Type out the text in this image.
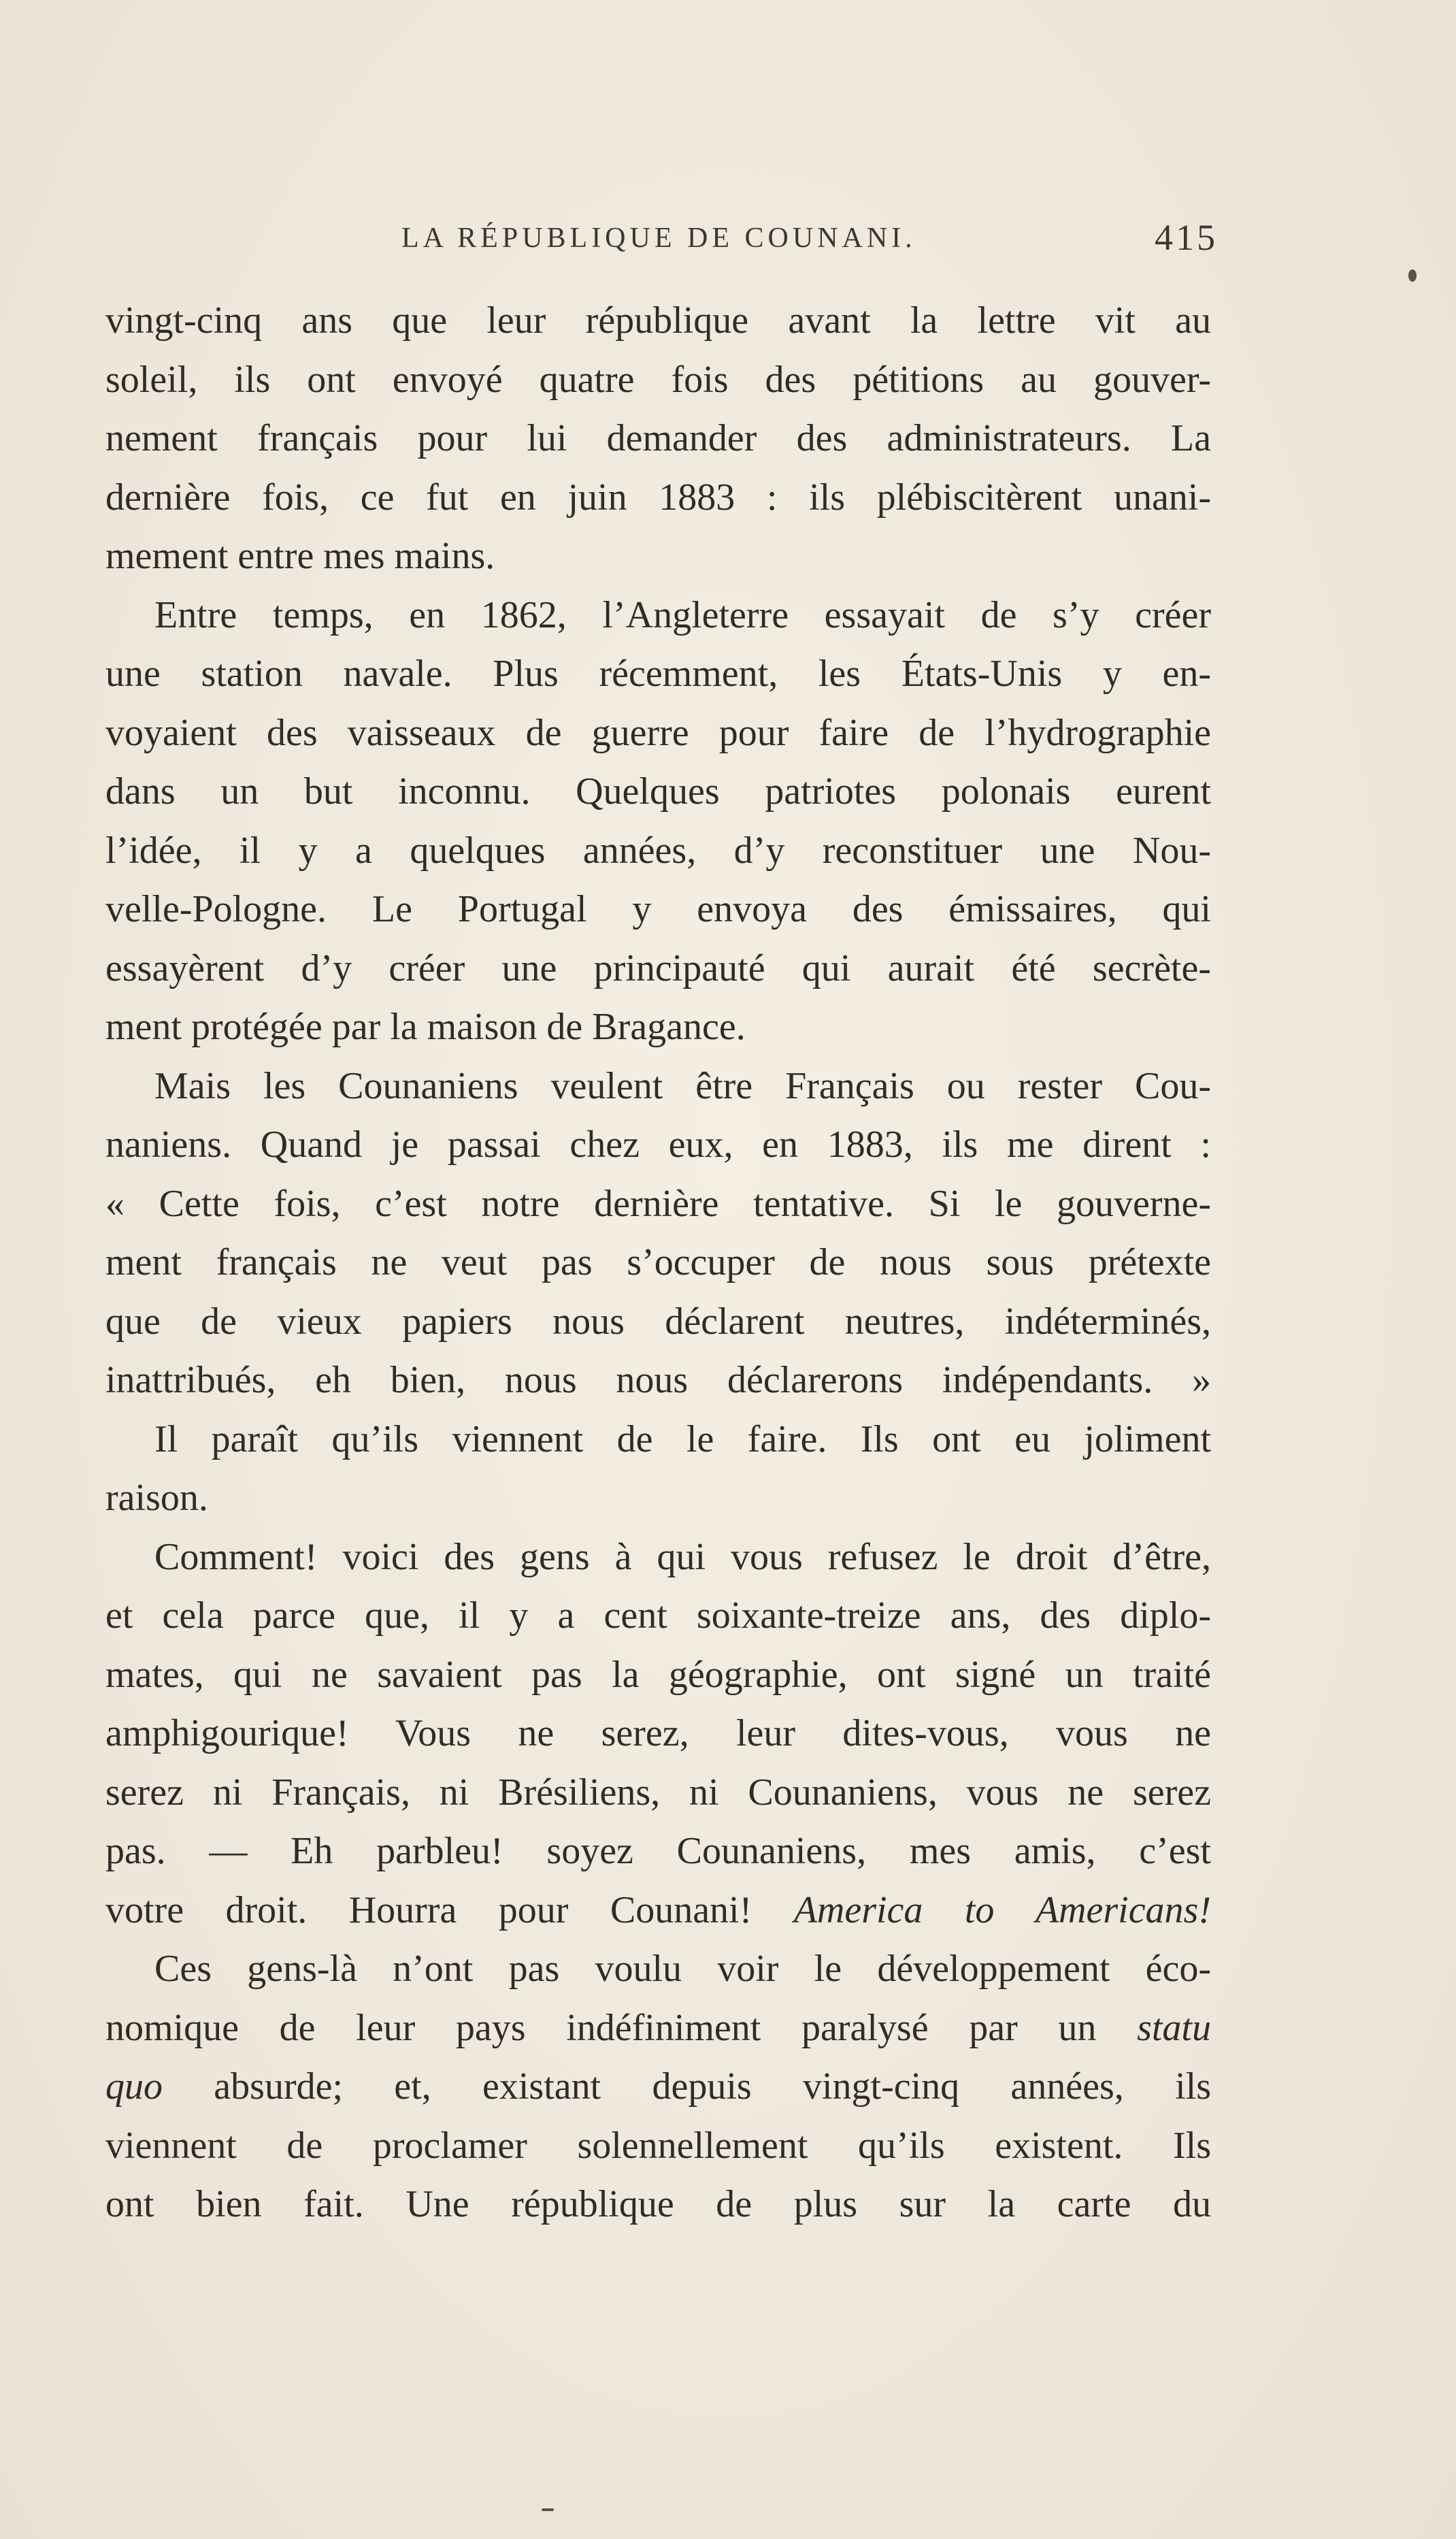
LA RÉPUBLIQUE DE COUNANI.	415
vingt-cinq ans que leur république avant la lettre vit au
soleil, ils ont envoyé quatre fois des pétitions au gouver-
nement français pour lui demander des administrateurs. La
dernière fois, ce fut en juin 1883 : ils plébiscitèrent unani-
mement entre mes mains.
Entre temps, en 1862, l’Angleterre essayait de s’y créer
une station navale. Plus récemment, les États-Unis y en-
voyaient des vaisseaux de guerre pour faire de l’hydrographie
dans un but inconnu. Quelques patriotes polonais eurent
l’idée, il y a quelques années, d’y reconstituer une Nou-
velle-Pologne. Le Portugal y envoya des émissaires, qui
essayèrent d’y créer une principauté qui aurait été secrète-
ment protégée par la maison de Bragance.
Mais les Counaniens veulent être Français ou rester Cou-
naniens. Quand je passai chez eux, en 1883, ils me dirent :
« Cette fois, c’est notre dernière tentative. Si le gouverne-
ment français ne veut pas s’occuper de nous sous prétexte
que de vieux papiers nous déclarent neutres, indéterminés,
inattribués, eh bien, nous nous déclarerons indépendants. »
Il paraît qu’ils viennent de le faire. Ils ont eu joliment
raison.
Comment! voici des gens à qui vous refusez le droit d’être,
et cela parce que, il y a cent soixante-treize ans, des diplo-
mates, qui ne savaient pas la géographie, ont signé un traité
amphigourique! Vous ne serez, leur dites-vous, vous ne
serez ni Français, ni Brésiliens, ni Counaniens, vous ne serez
pas. — Eh parbleu! soyez Counaniens, mes amis, c’est
votre droit. Hourra pour Counani! America to Americans!
Ces gens-là n’ont pas voulu voir le développement éco-
nomique de leur pays indéfiniment paralysé par un statu
quo absurde; et, existant depuis vingt-cinq années, ils
viennent de proclamer solennellement qu’ils existent. Ils
ont bien fait. Une république de plus sur la carte du
